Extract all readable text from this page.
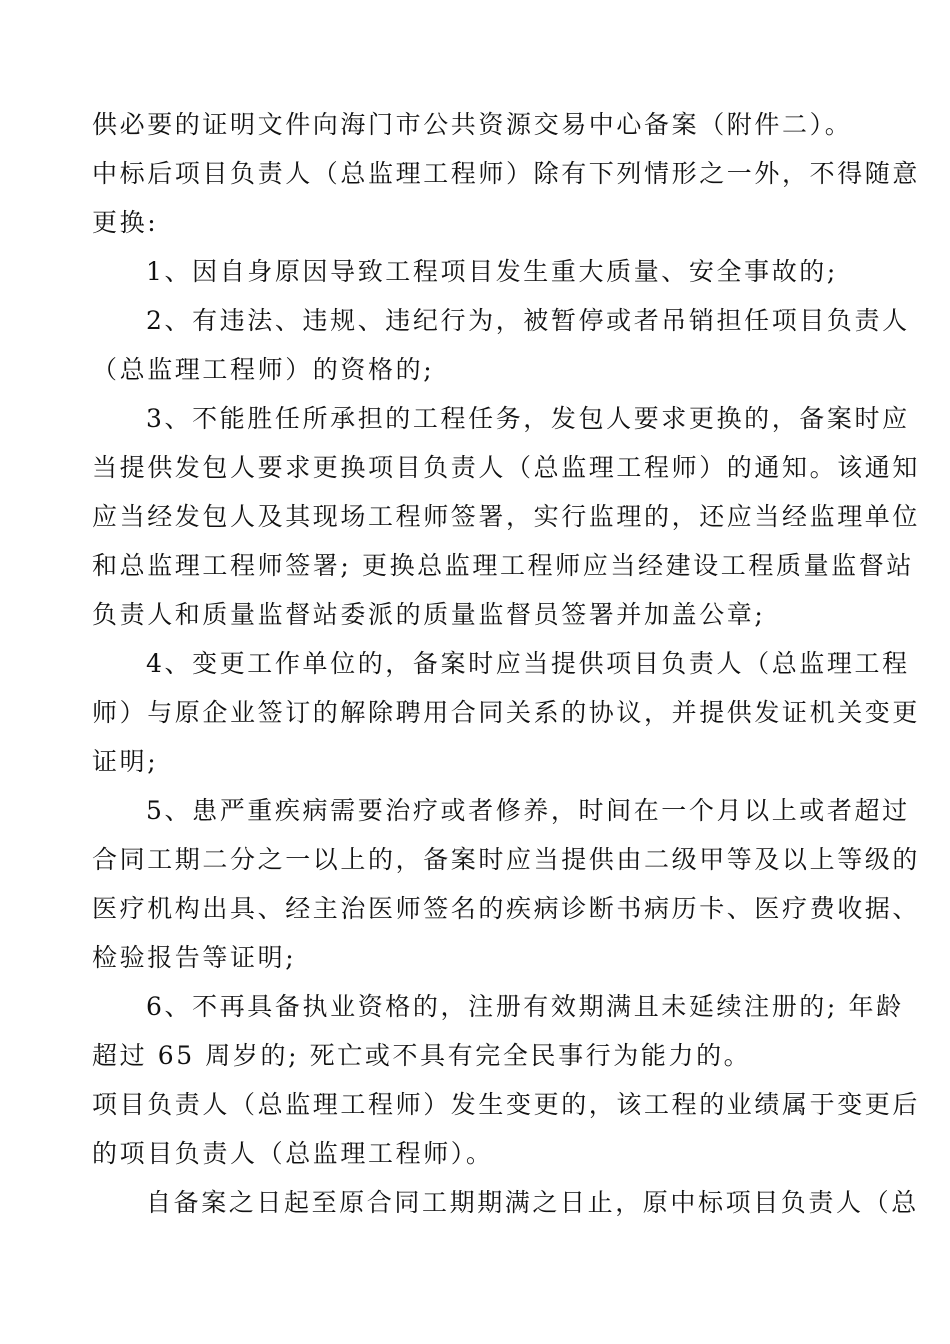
供必要的证明文件向海门市公共资源交易中心备案（附件二）。
中标后项目负责人（总监理工程师）除有下列情形之一外，不得随意
更换:
1、因自身原因导致工程项目发生重大质量、安全事故的;
2、有违法、违规、违纪行为，被暂停或者吊销担任项目负责人
（总监理工程师）的资格的;
3、不能胜任所承担的工程任务，发包人要求更换的，备案时应
当提供发包人要求更换项目负责人（总监理工程师）的通知。该通知
应当经发包人及其现场工程师签署，实行监理的，还应当经监理单位
和总监理工程师签署; 更换总监理工程师应当经建设工程质量监督站
负责人和质量监督站委派的质量监督员签署并加盖公章;
4、变更工作单位的，备案时应当提供项目负责人（总监理工程
师）与原企业签订的解除聘用合同关系的协议，并提供发证机关变更
证明;
5、患严重疾病需要治疗或者修养，时间在一个月以上或者超过
合同工期二分之一以上的，备案时应当提供由二级甲等及以上等级的
医疗机构出具、经主治医师签名的疾病诊断书病历卡、医疗费收据、
检验报告等证明;
6、不再具备执业资格的，注册有效期满且未延续注册的; 年龄
超过 65 周岁的; 死亡或不具有完全民事行为能力的。
项目负责人（总监理工程师）发生变更的，该工程的业绩属于变更后
的项目负责人（总监理工程师）。
自备案之日起至原合同工期期满之日止，原中标项目负责人（总
